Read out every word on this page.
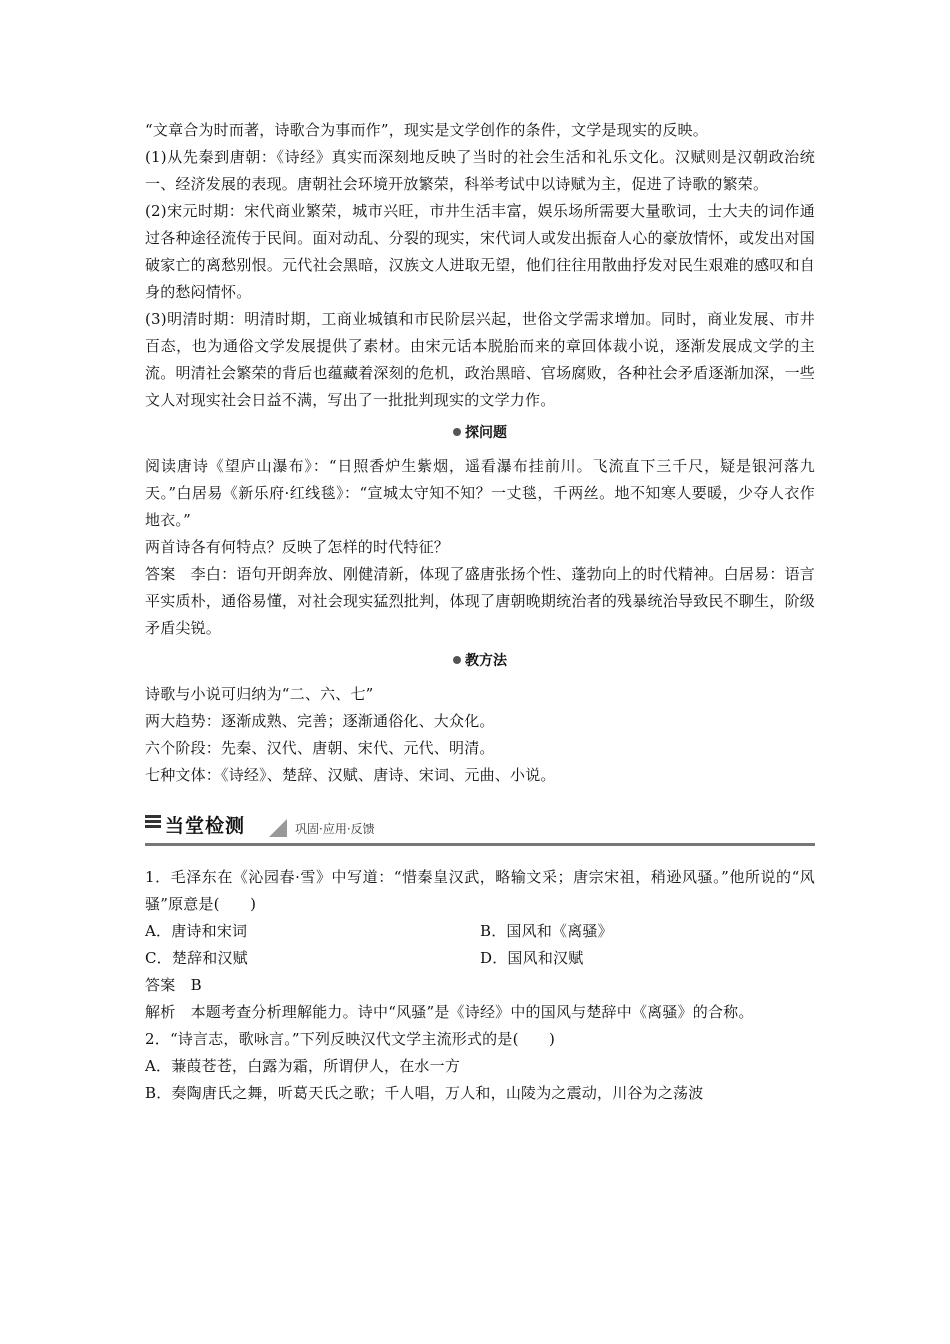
“文章合为时而著，诗歌合为事而作”，现实是文学创作的条件，文学是现实的反映。

(1)从先秦到唐朝：《诗经》真实而深刻地反映了当时的社会生活和礼乐文化。汉赋则是汉朝政治统一、经济发展的表现。唐朝社会环境开放繁荣，科举考试中以诗赋为主，促进了诗歌的繁荣。

(2)宋元时期：宋代商业繁荣，城市兴旺，市井生活丰富，娱乐场所需要大量歌词，士大夫的词作通过各种途径流传于民间。面对动乱、分裂的现实，宋代词人或发出振奋人心的豪放情怀，或发出对国破家亡的离愁别恨。元代社会黑暗，汉族文人进取无望，他们往往用散曲抒发对民生艰难的感叹和自身的愁闷情怀。

(3)明清时期：明清时期，工商业城镇和市民阶层兴起，世俗文学需求增加。同时，商业发展、市井百态，也为通俗文学发展提供了素材。由宋元话本脱胎而来的章回体裁小说，逐渐发展成文学的主流。明清社会繁荣的背后也蕴藏着深刻的危机，政治黑暗、官场腐败，各种社会矛盾逐渐加深，一些文人对现实社会日益不满，写出了一批批判现实的文学力作。

探问题

阅读唐诗《望庐山瀑布》：“日照香炉生紫烟，遥看瀑布挂前川。飞流直下三千尺，疑是银河落九天。”白居易《新乐府·红线毯》：“宣城太守知不知？一丈毯，千两丝。地不知寒人要暖，少夺人衣作地衣。”

两首诗各有何特点？反映了怎样的时代特征？

答案　李白：语句开朗奔放、刚健清新，体现了盛唐张扬个性、蓬勃向上的时代精神。白居易：语言平实质朴，通俗易懂，对社会现实猛烈批判，体现了唐朝晚期统治者的残暴统治导致民不聊生，阶级矛盾尖锐。

教方法

诗歌与小说可归纳为“二、六、七”

两大趋势：逐渐成熟、完善；逐渐通俗化、大众化。

六个阶段：先秦、汉代、唐朝、宋代、元代、明清。

七种文体：《诗经》、楚辞、汉赋、唐诗、宋词、元曲、小说。

当堂检测	巩固·应用·反馈

1．毛泽东在《沁园春·雪》中写道：“惜秦皇汉武，略输文采；唐宗宋祖，稍逊风骚。”他所说的“风骚”原意是(　　)

A．唐诗和宋词	B．国风和《离骚》

C．楚辞和汉赋	D．国风和汉赋

答案　B

解析　本题考查分析理解能力。诗中“风骚”是《诗经》中的国风与楚辞中《离骚》的合称。

2．“诗言志，歌咏言。”下列反映汉代文学主流形式的是(　　)

A．蒹葭苍苍，白露为霜，所谓伊人，在水一方

B．奏陶唐氏之舞，听葛天氏之歌；千人唱，万人和，山陵为之震动，川谷为之荡波
